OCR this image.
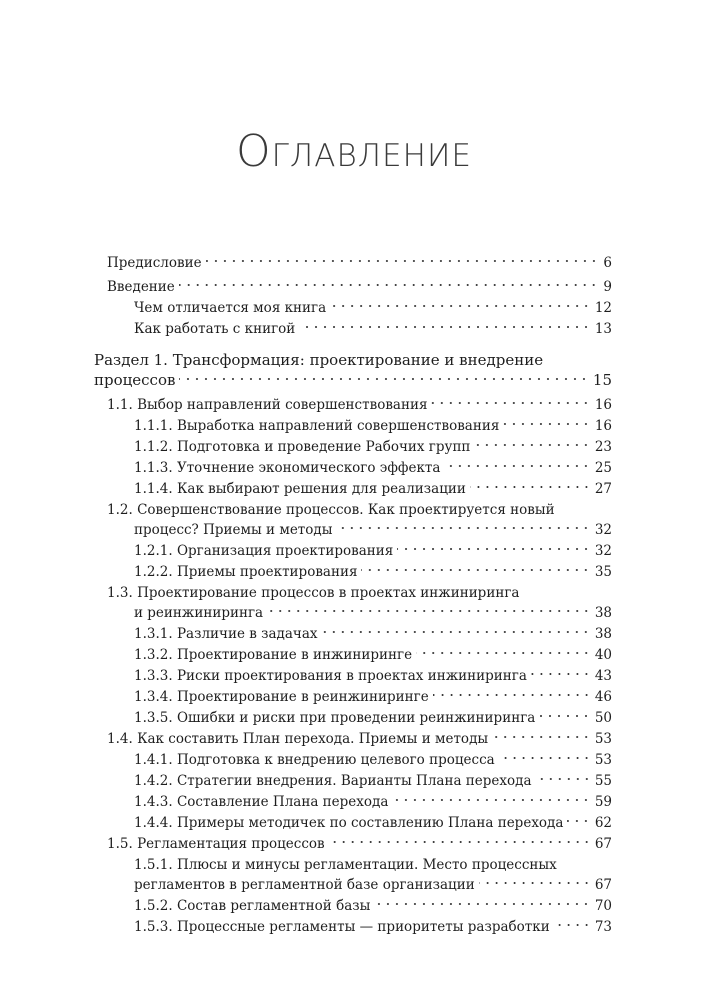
Оглавление
Предисловие	6
Введение	9
Чем отличается моя книга	12
Как работать с книгой	13
Раздел 1. Трансформация: проектирование и внедрение
процессов	15
1.1. Выбор направлений совершенствования	16
1.1.1. Выработка направлений совершенствования	16
1.1.2. Подготовка и проведение Рабочих групп	23
1.1.3. Уточнение экономического эффекта	25
1.1.4. Как выбирают решения для реализации	27
1.2. Совершенствование процессов. Как проектируется новый
процесс? Приемы и методы	32
1.2.1. Организация проектирования	32
1.2.2. Приемы проектирования	35
1.3. Проектирование процессов в проектах инжиниринга
и реинжиниринга	38
1.3.1. Различие в задачах	38
1.3.2. Проектирование в инжиниринге	40
1.3.3. Риски проектирования в проектах инжиниринга	43
1.3.4. Проектирование в реинжиниринге	46
1.3.5. Ошибки и риски при проведении реинжиниринга	50
1.4. Как составить План перехода. Приемы и методы	53
1.4.1. Подготовка к внедрению целевого процесса	53
1.4.2. Стратегии внедрения. Варианты Плана перехода	55
1.4.3. Составление Плана перехода	59
1.4.4. Примеры методичек по составлению Плана перехода 62
1.5. Регламентация процессов	67
1.5.1. Плюсы и минусы регламентации. Место процессных
регламентов в регламентной базе организации	67
1.5.2. Состав регламентной базы	70
1.5.3. Процессные регламенты — приоритеты разработки	73
